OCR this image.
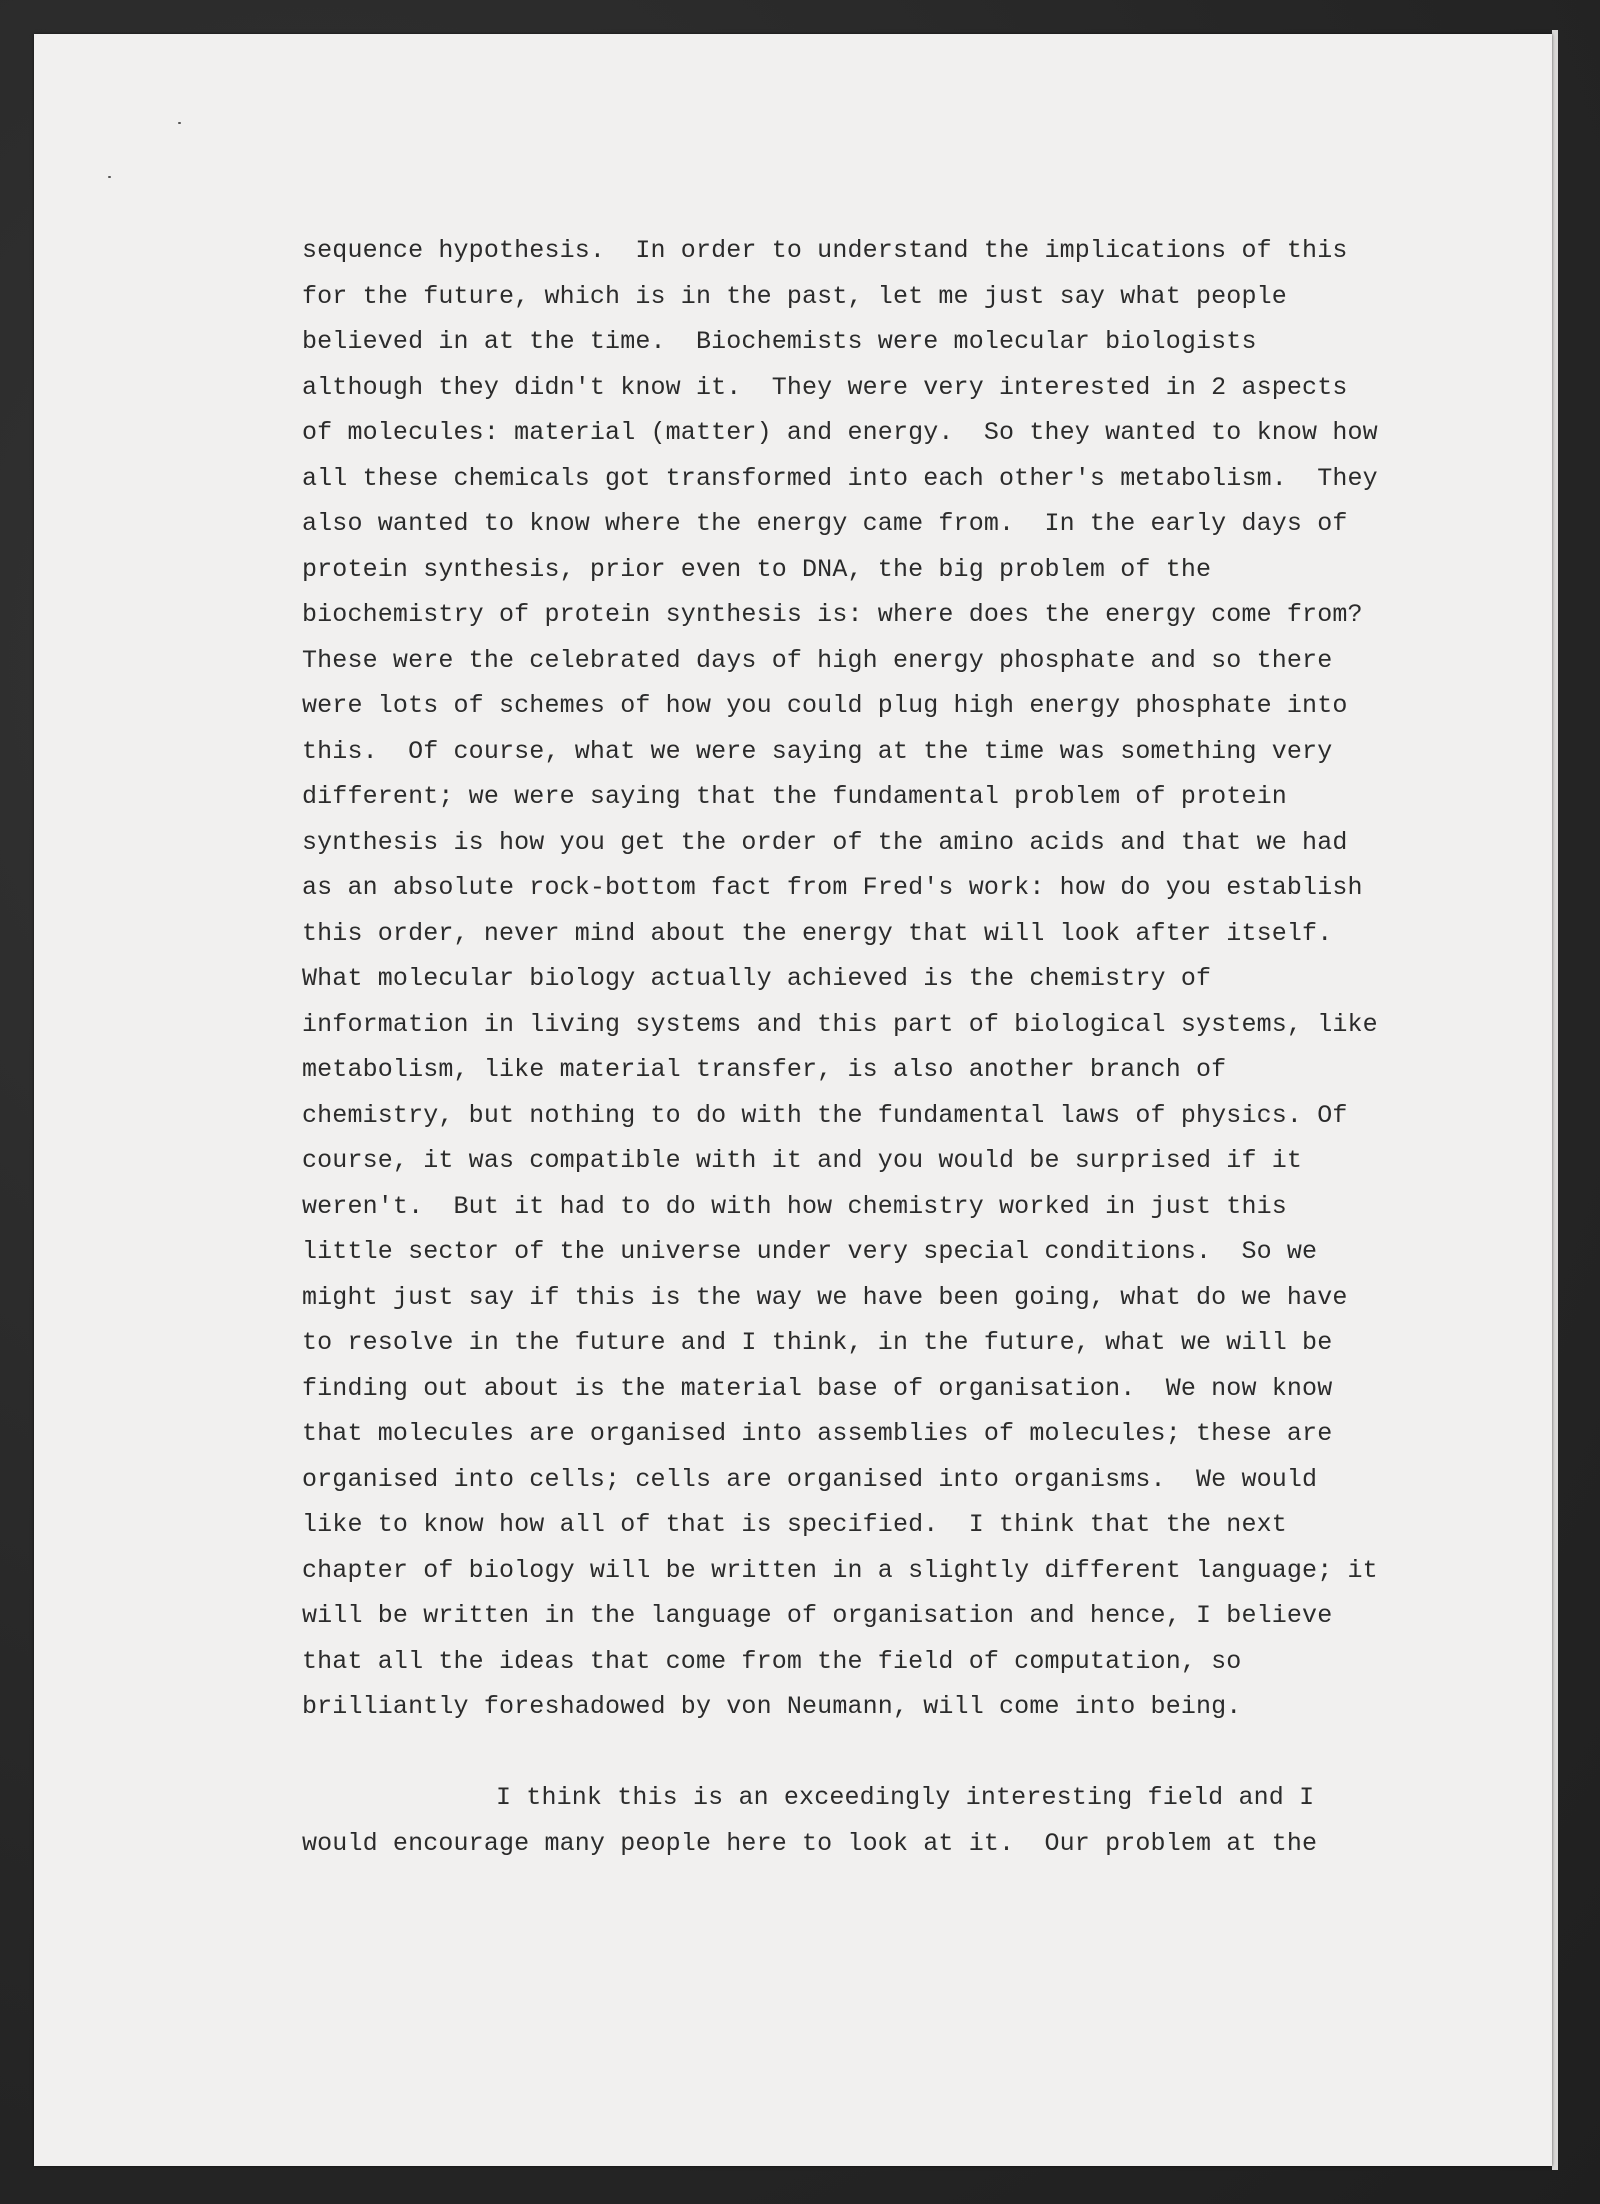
sequence hypothesis.  In order to understand the implications of this
for the future, which is in the past, let me just say what people
believed in at the time.  Biochemists were molecular biologists
although they didn't know it.  They were very interested in 2 aspects
of molecules: material (matter) and energy.  So they wanted to know how
all these chemicals got transformed into each other's metabolism.  They
also wanted to know where the energy came from.  In the early days of
protein synthesis, prior even to DNA, the big problem of the
biochemistry of protein synthesis is: where does the energy come from?
These were the celebrated days of high energy phosphate and so there
were lots of schemes of how you could plug high energy phosphate into
this.  Of course, what we were saying at the time was something very
different; we were saying that the fundamental problem of protein
synthesis is how you get the order of the amino acids and that we had
as an absolute rock-bottom fact from Fred's work: how do you establish
this order, never mind about the energy that will look after itself.
What molecular biology actually achieved is the chemistry of
information in living systems and this part of biological systems, like
metabolism, like material transfer, is also another branch of
chemistry, but nothing to do with the fundamental laws of physics. Of
course, it was compatible with it and you would be surprised if it
weren't.  But it had to do with how chemistry worked in just this
little sector of the universe under very special conditions.  So we
might just say if this is the way we have been going, what do we have
to resolve in the future and I think, in the future, what we will be
finding out about is the material base of organisation.  We now know
that molecules are organised into assemblies of molecules; these are
organised into cells; cells are organised into organisms.  We would
like to know how all of that is specified.  I think that the next
chapter of biology will be written in a slightly different language; it
will be written in the language of organisation and hence, I believe
that all the ideas that come from the field of computation, so
brilliantly foreshadowed by von Neumann, will come into being.
I think this is an exceedingly interesting field and I
would encourage many people here to look at it.  Our problem at the
